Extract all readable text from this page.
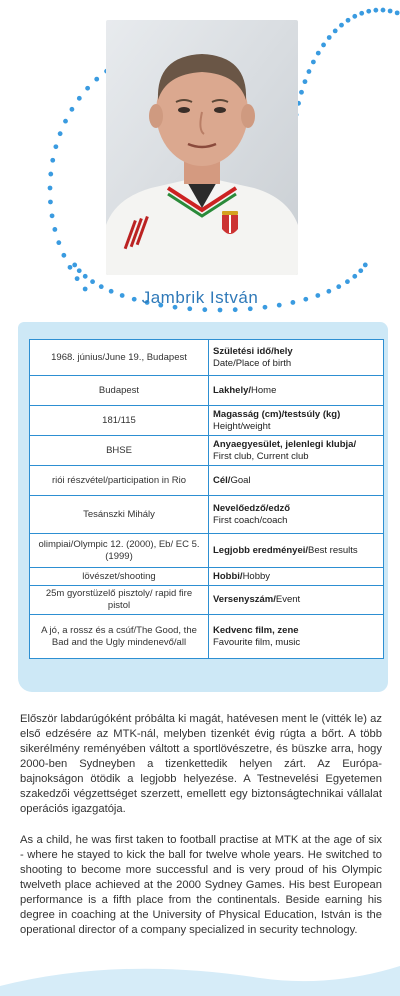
Jambrik István
1968. június/June 19., Budapest	Születési idő/hely
Date/Place of birth
Budapest	Lakhely/Home
181/115	Magasság (cm)/testsúly (kg)
Height/weight
BHSE	Anyaegyesület, jelenlegi klubja/
First club, Current club
riói részvétel/participation in Rio	Cél/Goal
Tesánszki Mihály	Nevelőedző/edző
First coach/coach
olimpiai/Olympic 12. (2000), Eb/ EC 5. (1999)	Legjobb eredményei/Best results
lövészet/shooting	Hobbi/Hobby
25m gyorstüzelő pisztoly/ rapid fire pistol	Versenyszám/Event
A jó, a rossz és a csúf/The Good, the Bad and the Ugly mindenevő/all	Kedvenc film, zene
Favourite film, music

Először labdarúgóként próbálta ki magát, hatévesen ment le (vitték le) az első edzésére az MTK-nál, melyben tizenkét évig rúgta a bőrt. A több sikerélmény reményében váltott a sportlövészetre, és büszke arra, hogy 2000-ben Sydneyben a tizenkettedik helyen zárt. Az Európa-bajnokságon ötödik a legjobb helyezése. A Testnevelési Egyetemen szakedzői végzettséget szerzett, emellett egy biztonságtechnikai vállalat operációs igazgatója.

As a child, he was first taken to football practise at MTK at the age of six - where he stayed to kick the ball for twelve whole years. He switched to shooting to become more successful and is very proud of his Olympic twelveth place achieved at the 2000 Sydney Games. His best European performance is a fifth place from the continentals. Beside earning his degree in coaching at the University of Physical Education, István is the operational director of a company specialized in security technology.
